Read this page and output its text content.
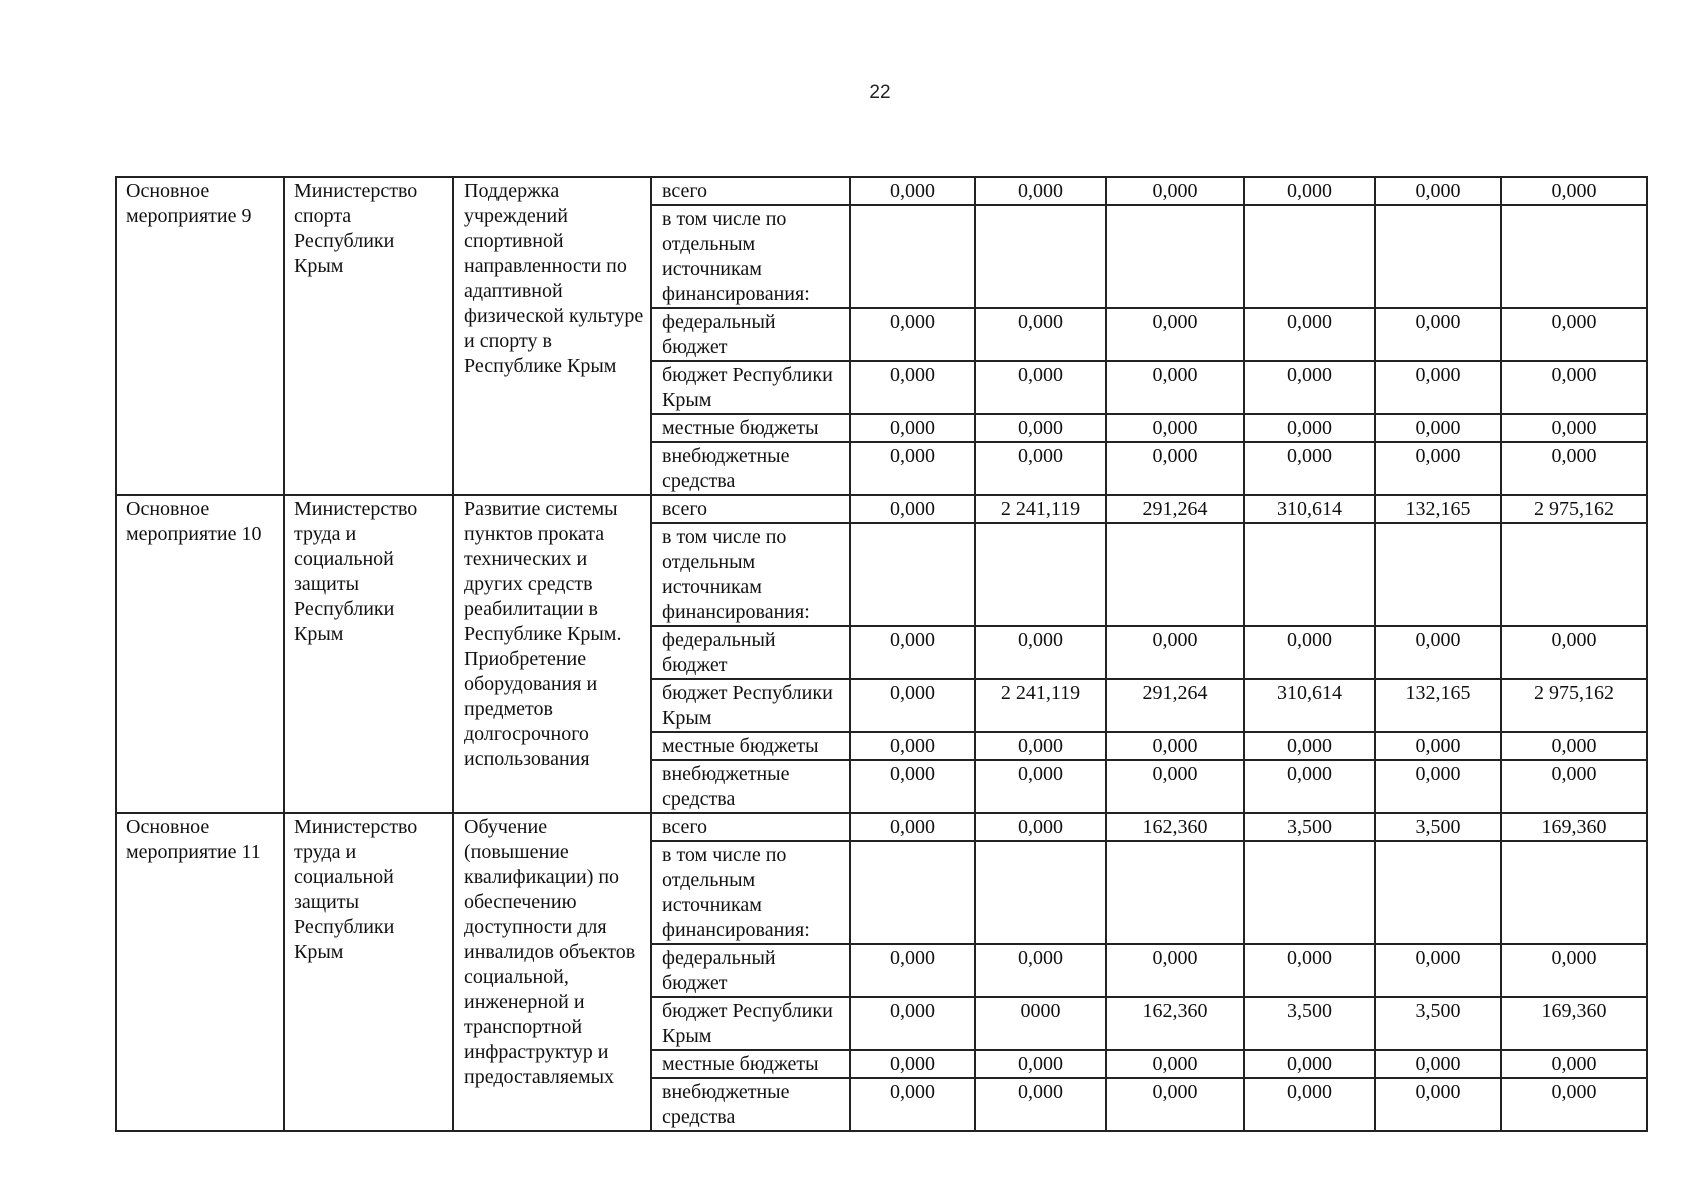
22
Основное мероприятие 9	Министерство спорта Республики Крым	Поддержка учреждений спортивной направленности по адаптивной физической культуре и спорту в Республике Крым	всего	0,000	0,000	0,000	0,000	0,000	0,000
			в том числе по отдельным источникам финансирования:						
			федеральный бюджет	0,000	0,000	0,000	0,000	0,000	0,000
			бюджет Республики Крым	0,000	0,000	0,000	0,000	0,000	0,000
			местные бюджеты	0,000	0,000	0,000	0,000	0,000	0,000
			внебюджетные средства	0,000	0,000	0,000	0,000	0,000	0,000
Основное мероприятие 10	Министерство труда и социальной защиты Республики Крым	Развитие системы пунктов проката технических и других средств реабилитации в Республике Крым. Приобретение оборудования и предметов долгосрочного использования	всего	0,000	2 241,119	291,264	310,614	132,165	2 975,162
			в том числе по отдельным источникам финансирования:						
			федеральный бюджет	0,000	0,000	0,000	0,000	0,000	0,000
			бюджет Республики Крым	0,000	2 241,119	291,264	310,614	132,165	2 975,162
			местные бюджеты	0,000	0,000	0,000	0,000	0,000	0,000
			внебюджетные средства	0,000	0,000	0,000	0,000	0,000	0,000
Основное мероприятие 11	Министерство труда и социальной защиты Республики Крым	Обучение (повышение квалификации) по обеспечению доступности для инвалидов объектов социальной, инженерной и транспортной инфраструктур и предоставляемых	всего	0,000	0,000	162,360	3,500	3,500	169,360
			в том числе по отдельным источникам финансирования:						
			федеральный бюджет	0,000	0,000	0,000	0,000	0,000	0,000
			бюджет Республики Крым	0,000	0000	162,360	3,500	3,500	169,360
			местные бюджеты	0,000	0,000	0,000	0,000	0,000	0,000
			внебюджетные средства	0,000	0,000	0,000	0,000	0,000	0,000
